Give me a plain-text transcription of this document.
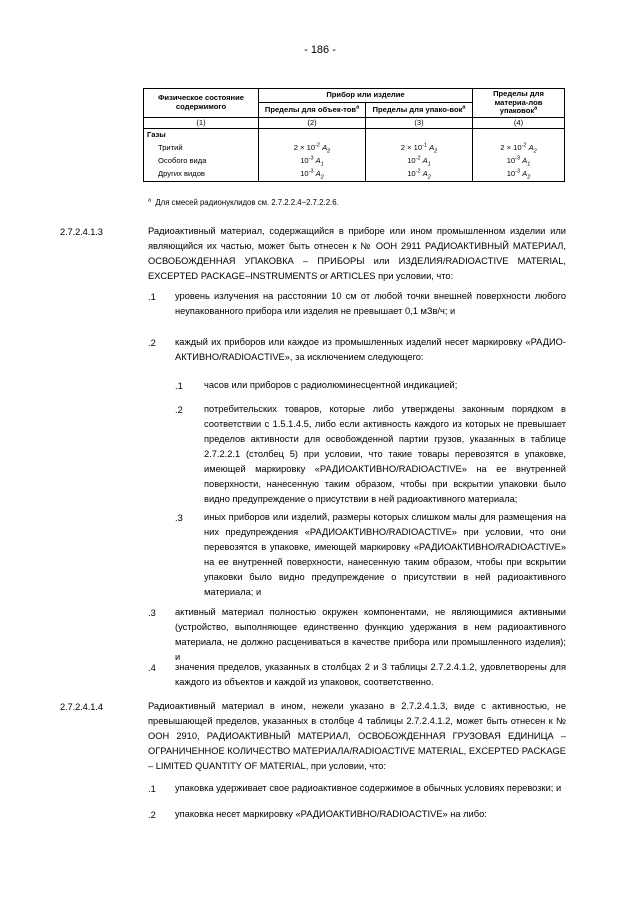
- 186 -
Физическое состояние содержимого	Прибор или изделие		Пределы для материа-лов упаковок$^a$
	Пределы для объек-тов$^a$	Пределы для упако-вок$^a$
(1)	(2)	(3)	(4)
Газы			
Тритий	$2 \times 10^{-2}$ $A_2$	$2 \times 10^{-1}$ $A_2$	$2 \times 10^{-2}$ $A_2$
Особого вида	$10^{-3}$ $A_1$	$10^{-2}$ $A_1$	$10^{-3}$ $A_1$
Других видов	$10^{-3}$ $A_2$	$10^{-2}$ $A_2$	$10^{-3}$ $A_2$
$^a$ Для смесей радионуклидов см. 2.7.2.2.4−2.7.2.2.6.
2.7.2.4.1.3	Радиоактивный материал, содержащийся в приборе или ином промышленном изделии или являющийся их частью, может быть отнесен к № ООН 2911 РАДИОАКТИВНЫЙ МАТЕРИАЛ, ОСВОБОЖДЕННАЯ УПАКОВКА – ПРИБОРЫ или ИЗДЕЛИЯ/RADIOACTIVE MATERIAL, EXCEPTED PACKAGE–INSTRUMENTS or ARTICLES при условии, что:
.1 уровень излучения на расстоянии 10 см от любой точки внешней поверхности любого неупакованного прибора или изделия не превышает 0,1 мЗв/ч; и
.2 каждый их приборов или каждое из промышленных изделий несет маркировку «РАДИО-АКТИВНО/RADIOACTIVE», за исключением следующего:
.1 часов или приборов с радиолюминесцентной индикацией;
.2 потребительских товаров, которые либо утверждены законным порядком в соответствии с 1.5.1.4.5, либо если активность каждого из которых не превышает пределов активности для освобожденной партии грузов, указанных в таблице 2.7.2.2.1 (столбец 5) при условии, что такие товары перевозятся в упаковке, имеющей маркировку «РАДИОАКТИВНО/RADIOACTIVE» на ее внутренней поверхности, нанесенную таким образом, чтобы при вскрытии упаковки было видно предупреждение о присутствии в ней радиоактивного материала;
.3 иных приборов или изделий, размеры которых слишком малы для размещения на них предупреждения «РАДИОАКТИВНО/RADIOACTIVE» при условии, что они перевозятся в упаковке, имеющей маркировку «РАДИОАКТИВНО/RADIOACTIVE» на ее внутренней поверхности, нанесенную таким образом, чтобы при вскрытии упаковки было видно предупреждение о присутствии в ней радиоактивного материала; и
.3 активный материал полностью окружен компонентами, не являющимися активными (устройство, выполняющее единственно функцию удержания в нем радиоактивного материала, не должно расцениваться в качестве прибора или промышленного изделия); и
.4 значения пределов, указанных в столбцах 2 и 3 таблицы 2.7.2.4.1.2, удовлетворены для каждого из объектов и каждой из упаковок, соответственно.
2.7.2.4.1.4	Радиоактивный материал в ином, нежели указано в 2.7.2.4.1.3, виде с активностью, не превышающей пределов, указанных в столбце 4 таблицы 2.7.2.4.1.2, может быть отнесен к № ООН 2910, РАДИОАКТИВНЫЙ МАТЕРИАЛ, ОСВОБОЖДЕННАЯ ГРУЗОВАЯ ЕДИНИЦА – ОГРАНИЧЕННОЕ КОЛИЧЕСТВО МАТЕРИАЛА/RADIOACTIVE MATERIAL, EXCEPTED PACKAGE – LIMITED QUANTITY OF MATERIAL, при условии, что:
.1 упаковка удерживает свое радиоактивное содержимое в обычных условиях перевозки; и
.2 упаковка несет маркировку «РАДИОАКТИВНО/RADIOACTIVE» на либо:
